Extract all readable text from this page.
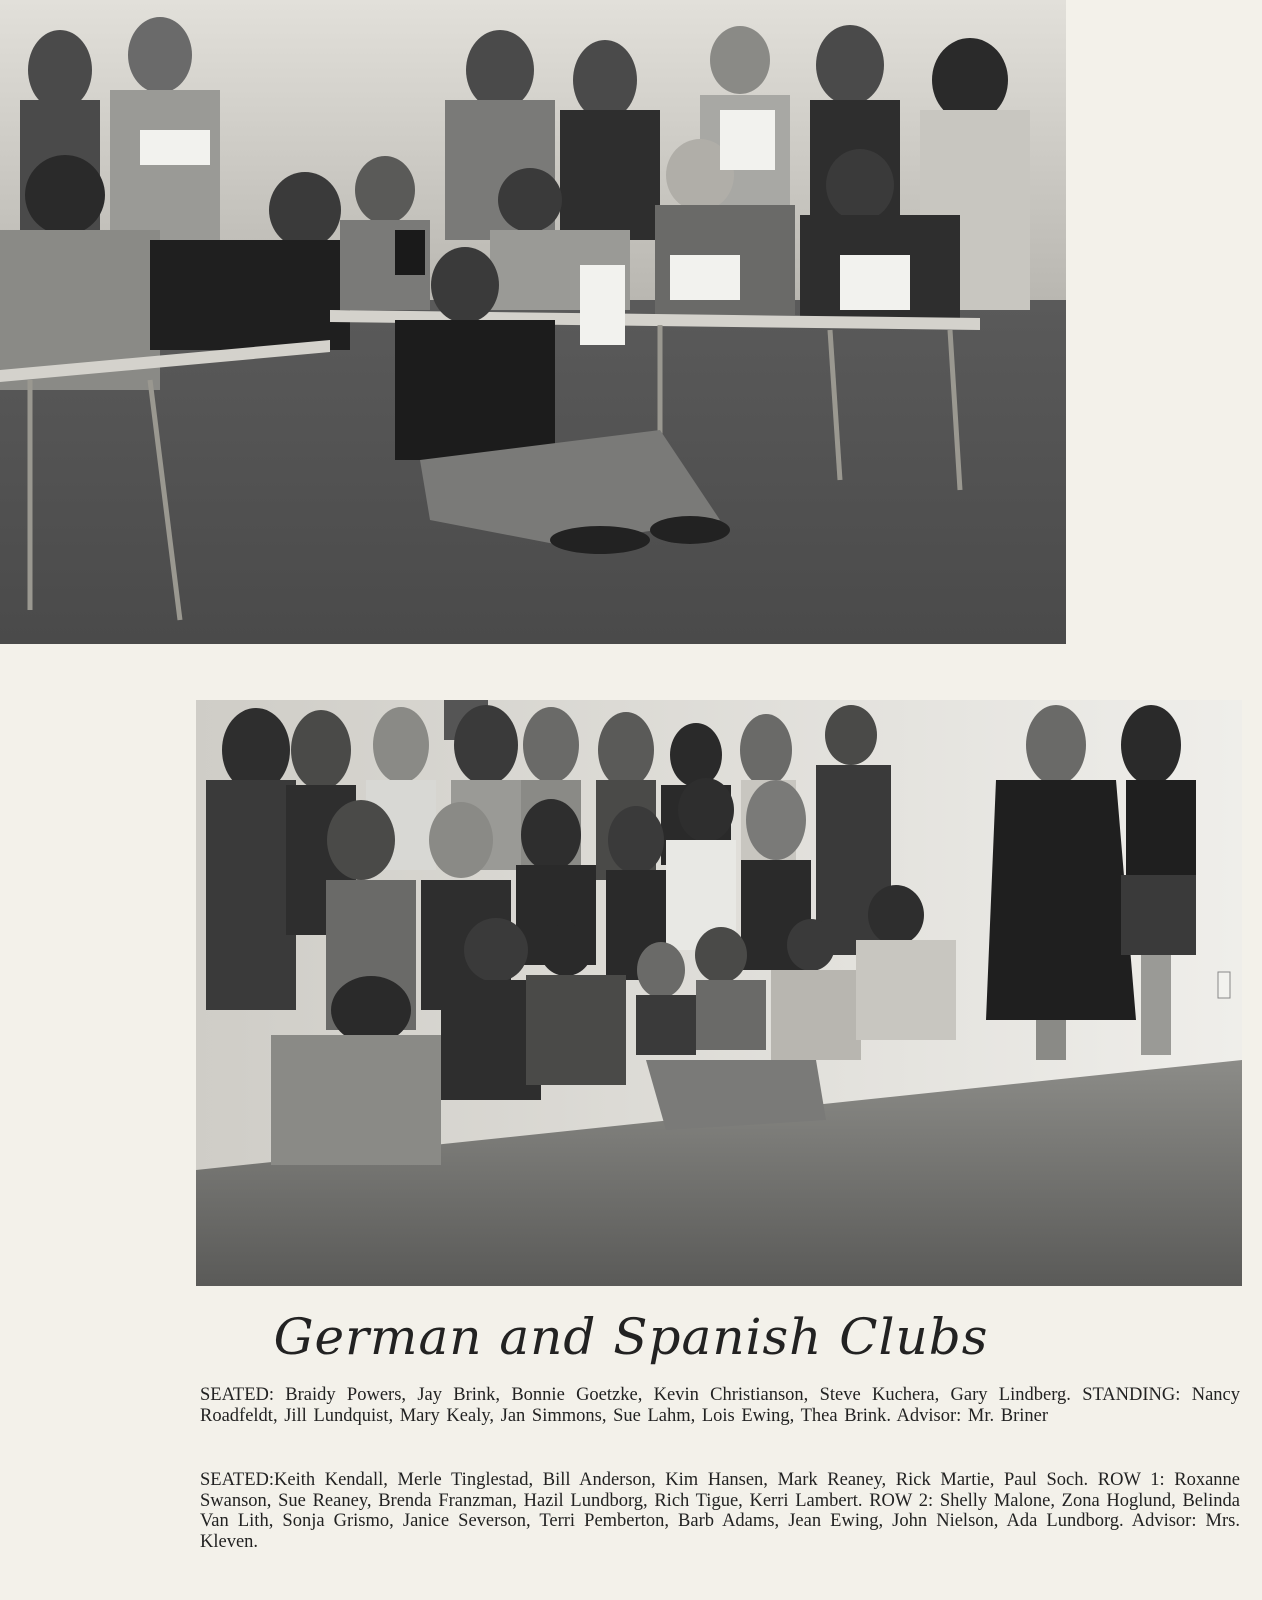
German and Spanish Clubs
SEATED: Braidy Powers, Jay Brink, Bonnie Goetzke, Kevin Christianson, Steve Kuchera, Gary Lindberg. STANDING: Nancy Roadfeldt, Jill Lundquist, Mary Kealy, Jan Simmons, Sue Lahm, Lois Ewing, Thea Brink. Advisor: Mr. Briner
SEATED:Keith Kendall, Merle Tinglestad, Bill Anderson, Kim Hansen, Mark Reaney, Rick Martie, Paul Soch. ROW 1: Roxanne Swanson, Sue Reaney, Brenda Franzman, Hazil Lundborg, Rich Tigue, Kerri Lambert. ROW 2: Shelly Malone, Zona Hoglund, Belinda Van Lith, Sonja Grismo, Janice Severson, Terri Pemberton, Barb Adams, Jean Ewing, John Nielson, Ada Lundborg. Advisor: Mrs. Kleven.
